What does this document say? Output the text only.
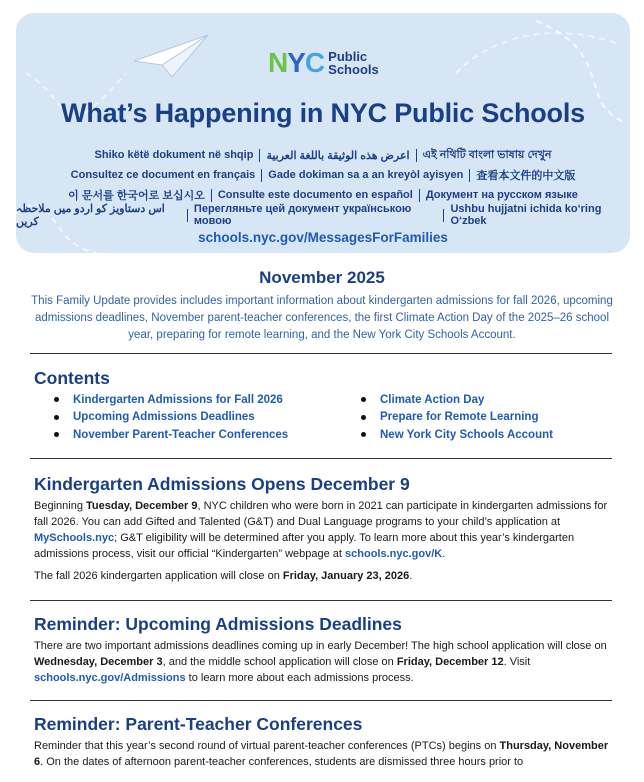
NYC Public
Schools
What’s Happening in NYC Public Schools
Shiko këtë dokument në shqip اعرض هذه الوثيقة باللغة العربية এই নথিটি বাংলা ভাষায় দেখুন
Consultez ce document en français Gade dokiman sa a an kreyòl ayisyen 查看本文件的中文版
이 문서를 한국어로 보십시오 Consulte este documento en español Документ на русском языке
اس دستاویز کو اردو میں ملاحظہ کریں
Перегляньте цей документ українською мовою
Ushbu hujjatni ichida ko‘ring O‘zbek
schools.nyc.gov/MessagesForFamilies
November 2025
This Family Update provides includes important information about kindergarten admissions for fall 2026, upcoming admissions deadlines, November parent-teacher conferences, the first Climate Action Day of the 2025–26 school year, preparing for remote learning, and the New York City Schools Account.
Contents
Kindergarten Admissions for Fall 2026
Upcoming Admissions Deadlines
November Parent-Teacher Conferences
Climate Action Day
Prepare for Remote Learning
New York City Schools Account
Kindergarten Admissions Opens December 9
Beginning Tuesday, December 9, NYC children who were born in 2021 can participate in kindergarten admissions for fall 2026. You can add Gifted and Talented (G&T) and Dual Language programs to your child’s application at MySchools.nyc; G&T eligibility will be determined after you apply. To learn more about this year’s kindergarten admissions process, visit our official “Kindergarten” webpage at schools.nyc.gov/K.
The fall 2026 kindergarten application will close on Friday, January 23, 2026.
Reminder: Upcoming Admissions Deadlines
There are two important admissions deadlines coming up in early December! The high school application will close on Wednesday, December 3, and the middle school application will close on Friday, December 12. Visit schools.nyc.gov/Admissions to learn more about each admissions process.
Reminder: Parent-Teacher Conferences
Reminder that this year’s second round of virtual parent-teacher conferences (PTCs) begins on Thursday, November 6. On the dates of afternoon parent-teacher conferences, students are dismissed three hours prior to
